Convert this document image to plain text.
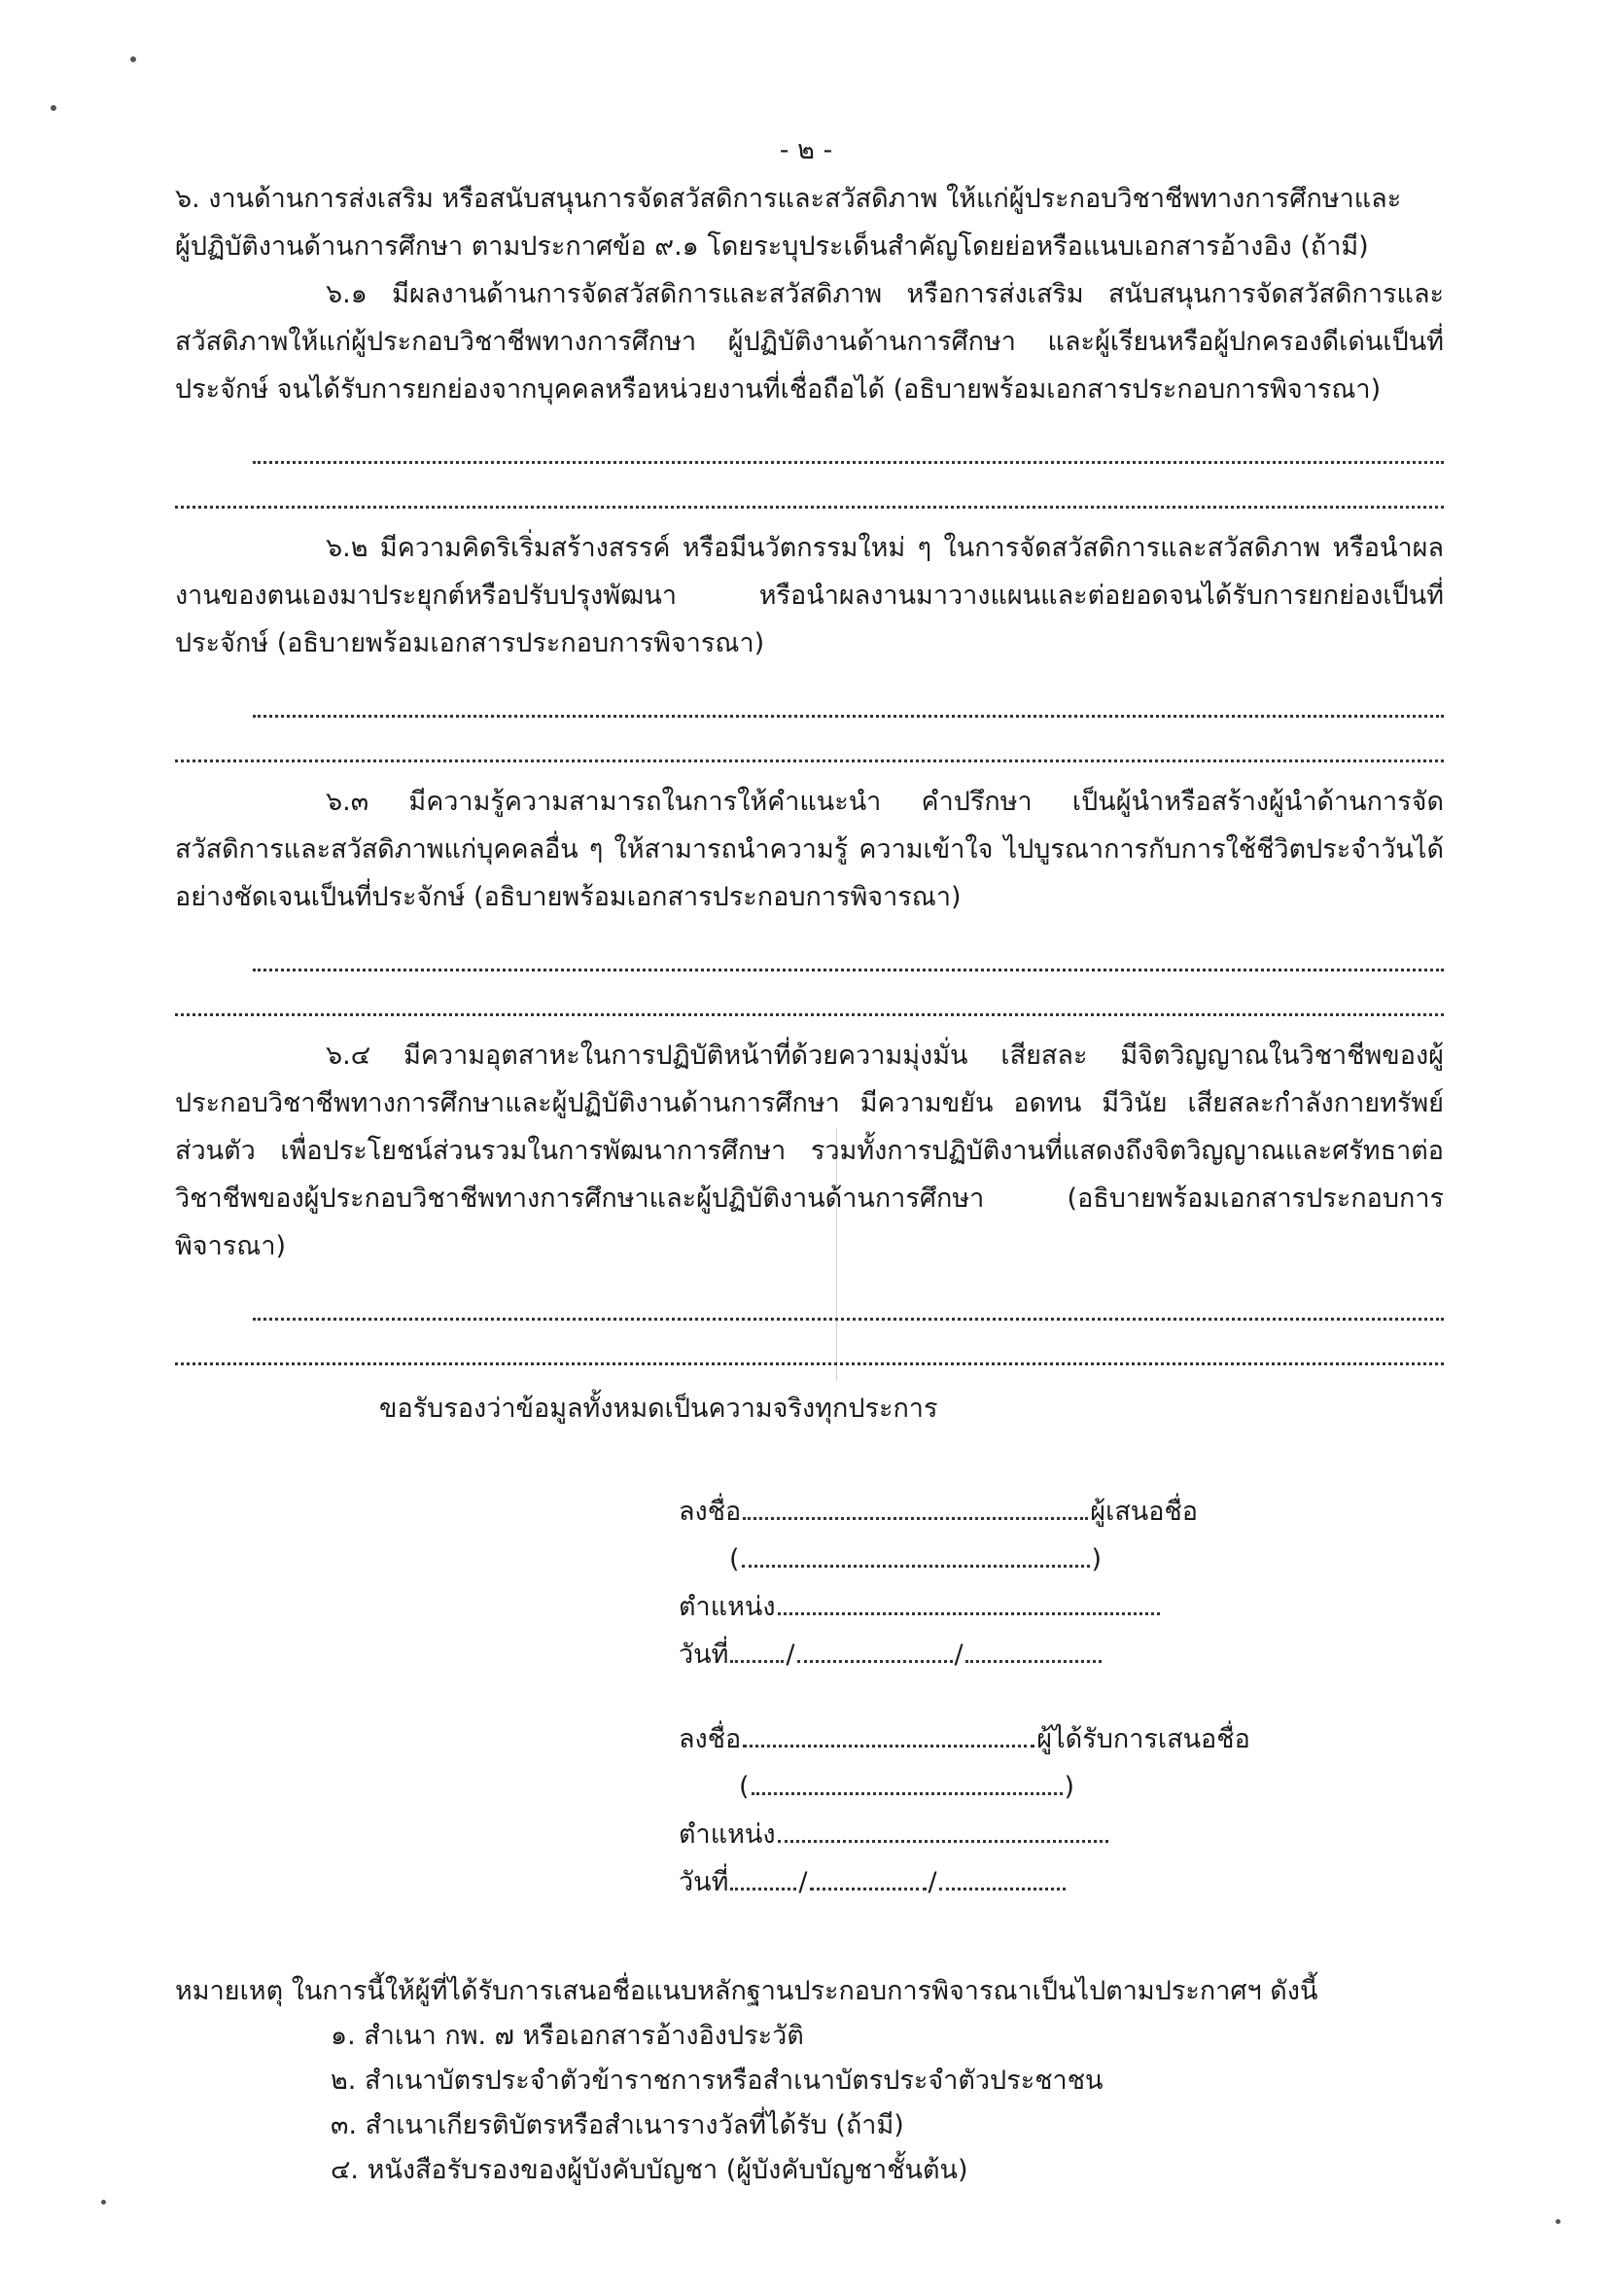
- ๒ -

๖. งานด้านการส่งเสริม หรือสนับสนุนการจัดสวัสดิการและสวัสดิภาพ ให้แก่ผู้ประกอบวิชาชีพทางการศึกษาและ

ผู้ปฏิบัติงานด้านการศึกษา ตามประกาศข้อ ๙.๑ โดยระบุประเด็นสำคัญโดยย่อหรือแนบเอกสารอ้างอิง (ถ้ามี)

๖.๑ มีผลงานด้านการจัดสวัสดิการและสวัสดิภาพ หรือการส่งเสริม สนับสนุนการจัดสวัสดิการและสวัสดิภาพให้แก่ผู้ประกอบวิชาชีพทางการศึกษา ผู้ปฏิบัติงานด้านการศึกษา และผู้เรียนหรือผู้ปกครองดีเด่นเป็นที่ประจักษ์ จนได้รับการยกย่องจากบุคคลหรือหน่วยงานที่เชื่อถือได้ (อธิบายพร้อมเอกสารประกอบการพิจารณา)

๖.๒ มีความคิดริเริ่มสร้างสรรค์ หรือมีนวัตกรรมใหม่ ๆ ในการจัดสวัสดิการและสวัสดิภาพ หรือนำผลงานของตนเองมาประยุกต์หรือปรับปรุงพัฒนา หรือนำผลงานมาวางแผนและต่อยอดจนได้รับการยกย่องเป็นที่ประจักษ์ (อธิบายพร้อมเอกสารประกอบการพิจารณา)

๖.๓ มีความรู้ความสามารถในการให้คำแนะนำ คำปรึกษา เป็นผู้นำหรือสร้างผู้นำด้านการจัดสวัสดิการและสวัสดิภาพแก่บุคคลอื่น ๆ ให้สามารถนำความรู้ ความเข้าใจ ไปบูรณาการกับการใช้ชีวิตประจำวันได้อย่างชัดเจนเป็นที่ประจักษ์ (อธิบายพร้อมเอกสารประกอบการพิจารณา)

๖.๔ มีความอุตสาหะในการปฏิบัติหน้าที่ด้วยความมุ่งมั่น เสียสละ มีจิตวิญญาณในวิชาชีพของผู้ประกอบวิชาชีพทางการศึกษาและผู้ปฏิบัติงานด้านการศึกษา มีความขยัน อดทน มีวินัย เสียสละกำลังกายทรัพย์ส่วนตัว เพื่อประโยชน์ส่วนรวมในการพัฒนาการศึกษา รวมทั้งการปฏิบัติงานที่แสดงถึงจิตวิญญาณและศรัทธาต่อวิชาชีพของผู้ประกอบวิชาชีพทางการศึกษาและผู้ปฏิบัติงานด้านการศึกษา (อธิบายพร้อมเอกสารประกอบการพิจารณา)

ขอรับรองว่าข้อมูลทั้งหมดเป็นความจริงทุกประการ

ลงชื่อ	ผู้เสนอชื่อ
(	)
ตำแหน่ง
วันที่ /	/
ลงชื่อ	ผู้ได้รับการเสนอชื่อ
(	)
ตำแหน่ง
วันที่	/	/
หมายเหตุ ในการนี้ให้ผู้ที่ได้รับการเสนอชื่อแนบหลักฐานประกอบการพิจารณาเป็นไปตามประกาศฯ ดังนี้
๑. สำเนา กพ. ๗ หรือเอกสารอ้างอิงประวัติ
๒. สำเนาบัตรประจำตัวข้าราชการหรือสำเนาบัตรประจำตัวประชาชน
๓. สำเนาเกียรติบัตรหรือสำเนารางวัลที่ได้รับ (ถ้ามี)
๔. หนังสือรับรองของผู้บังคับบัญชา (ผู้บังคับบัญชาชั้นต้น)
